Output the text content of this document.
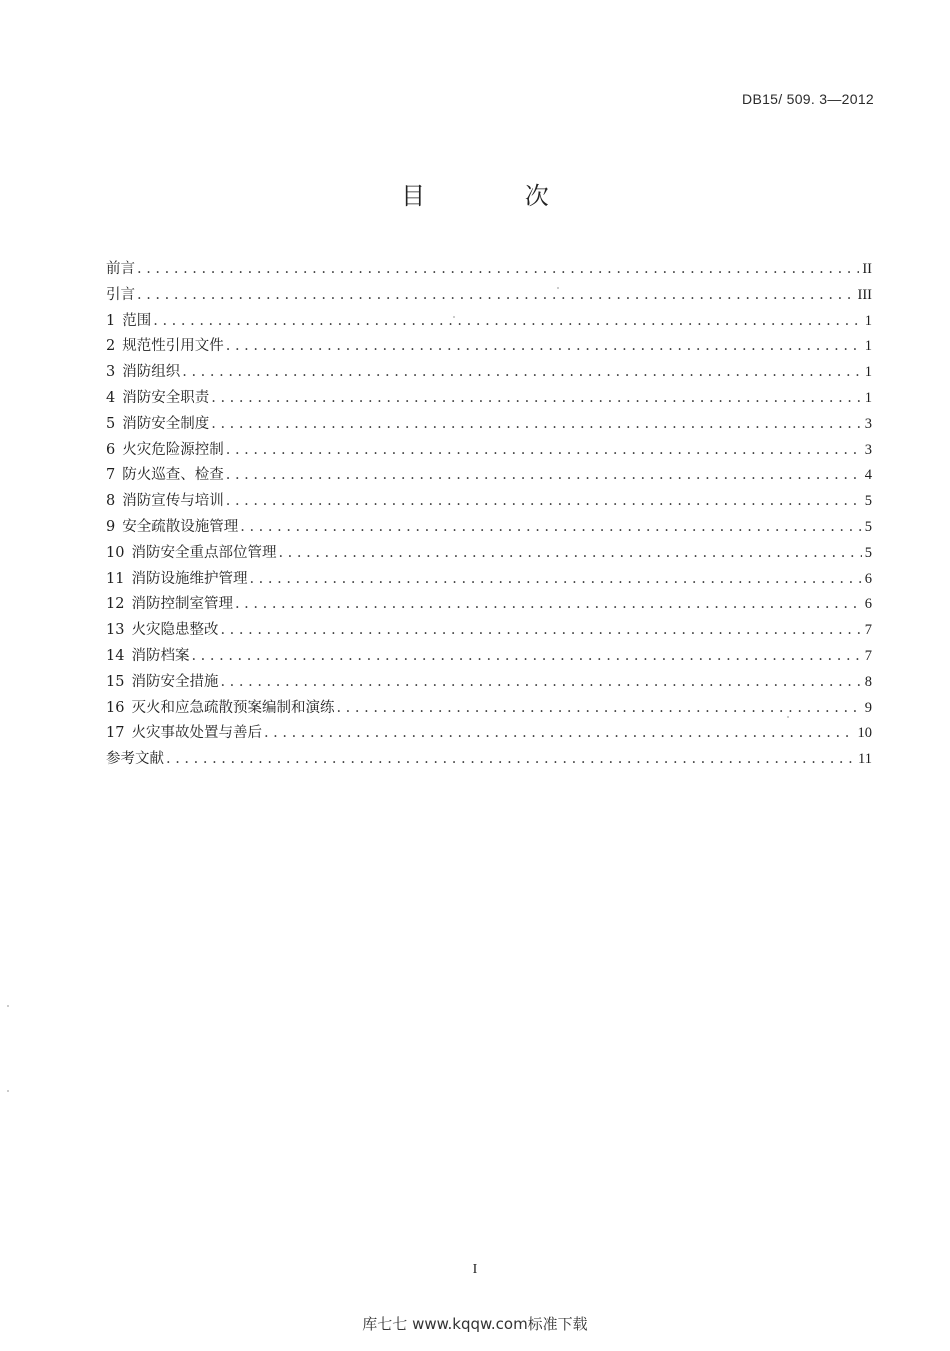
DB15/ 509. 3—2012
目 次
前言 . . .	II
引言 . . .	III
1 范围 . . .	1
2 规范性引用文件 . . .	1
3 消防组织 . . .	1
4 消防安全职责 . . .	1
5 消防安全制度 . . .	3
6 火灾危险源控制 . . .	3
7 防火巡查、检查 . . .	4
8 消防宣传与培训 . . .	5
9 安全疏散设施管理 . . .	5
10 消防安全重点部位管理 . . .	5
11 消防设施维护管理 . . .	6
12 消防控制室管理 . . .	6
13 火灾隐患整改 . . .	7
14 消防档案 . . .	7
15 消防安全措施 . . .	8
16 灭火和应急疏散预案编制和演练 . . .	9
17 火灾事故处置与善后 . . .	10
参考文献 . . .	11
I
库七七 www.kqqw.com标准下载
